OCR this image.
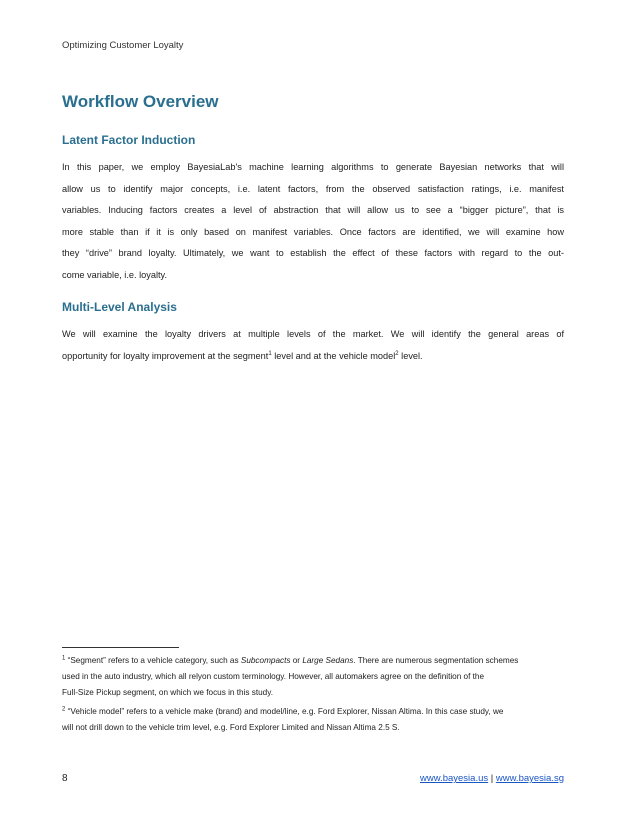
Optimizing Customer Loyalty
Workflow Overview
Latent Factor Induction
In this paper, we employ BayesiaLab's machine learning algorithms to generate Bayesian networks that will
allow us to identify major concepts, i.e. latent factors, from the observed satisfaction ratings, i.e. manifest
variables. Inducing factors creates a level of abstraction that will allow us to see a “bigger picture”, that is
more stable than if it is only based on manifest variables. Once factors are identified, we will examine how
they “drive” brand loyalty. Ultimately, we want to establish the effect of these factors with regard to the out-
come variable, i.e. loyalty.
Multi-Level Analysis
We will examine the loyalty drivers at multiple levels of the market. We will identify the general areas of
opportunity for loyalty improvement at the segment$^1$ level and at the vehicle model$^2$ level.
$^1$ “Segment” refers to a vehicle category, such as Subcompacts or Large Sedans. There are numerous segmentation schemes
used in the auto industry, which all relyon custom terminology. However, all automakers agree on the definition of the
Full-Size Pickup segment, on which we focus in this study.
$^2$ “Vehicle model” refers to a vehicle make (brand) and model/line, e.g. Ford Explorer, Nissan Altima. In this case study, we
will not drill down to the vehicle trim level, e.g. Ford Explorer Limited and Nissan Altima 2.5 S.
8	www.bayesia.us | www.bayesia.sg
